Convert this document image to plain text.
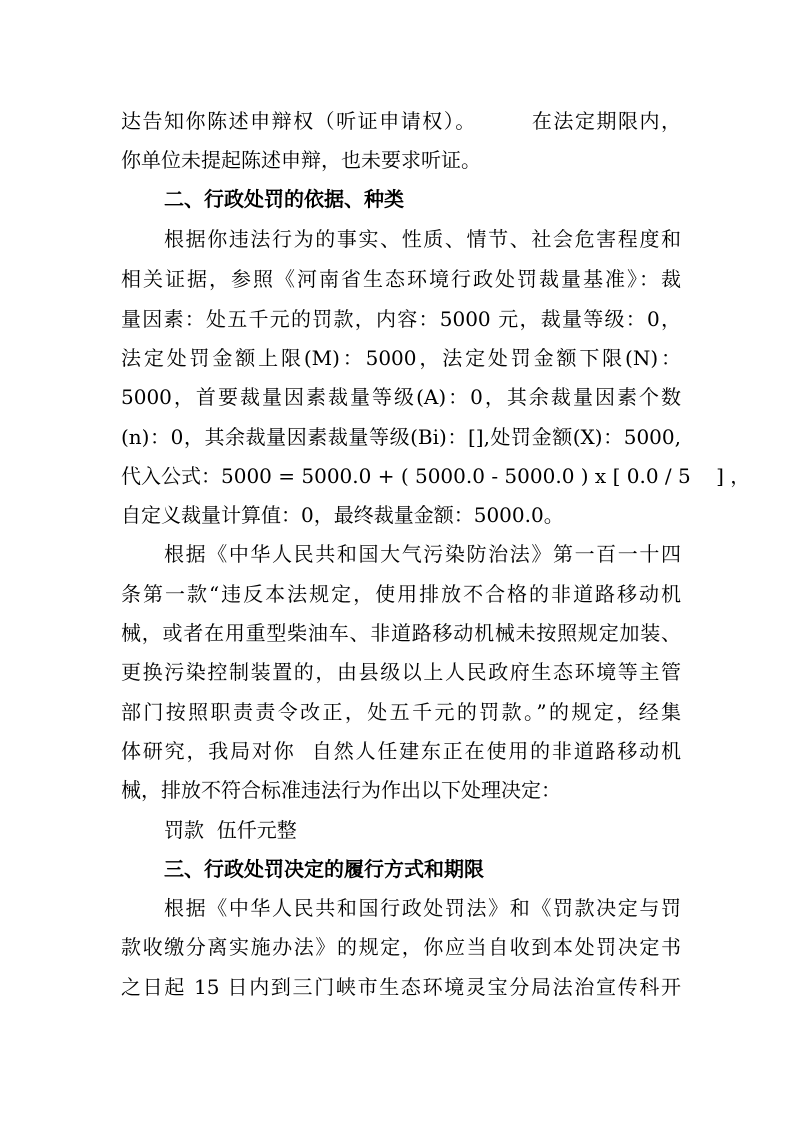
达告知你陈述申辩权（听证申请权）。       在法定期限内，
你单位未提起陈述申辩，也未要求听证。
二、行政处罚的依据、种类
根据你违法行为的事实、性质、情节、社会危害程度和
相关证据，参照《河南省生态环境行政处罚裁量基准》：裁
量因素：处五千元的罚款，内容：5000 元，裁量等级：0，
法定处罚金额上限(M)：5000，法定处罚金额下限(N)：
5000，首要裁量因素裁量等级(A)：0，其余裁量因素个数
(n)：0，其余裁量因素裁量等级(Bi)：[],处罚金额(X)：5000,
代入公式：5000 = 5000.0 + ( 5000.0 - 5000.0 ) x [ 0.0 / 5    ] ，
自定义裁量计算值：0，最终裁量金额：5000.0。
根据《中华人民共和国大气污染防治法》第一百一十四
条第一款“违反本法规定，使用排放不合格的非道路移动机
械，或者在用重型柴油车、非道路移动机械未按照规定加装、
更换污染控制装置的，由县级以上人民政府生态环境等主管
部门按照职责责令改正，处五千元的罚款。”的规定，经集
体研究，我局对你  自然人任建东正在使用的非道路移动机
械，排放不符合标准违法行为作出以下处理决定：
罚款  伍仟元整
三、行政处罚决定的履行方式和期限
根据《中华人民共和国行政处罚法》和《罚款决定与罚
款收缴分离实施办法》的规定，你应当自收到本处罚决定书
之日起 15 日内到三门峡市生态环境灵宝分局法治宣传科开
